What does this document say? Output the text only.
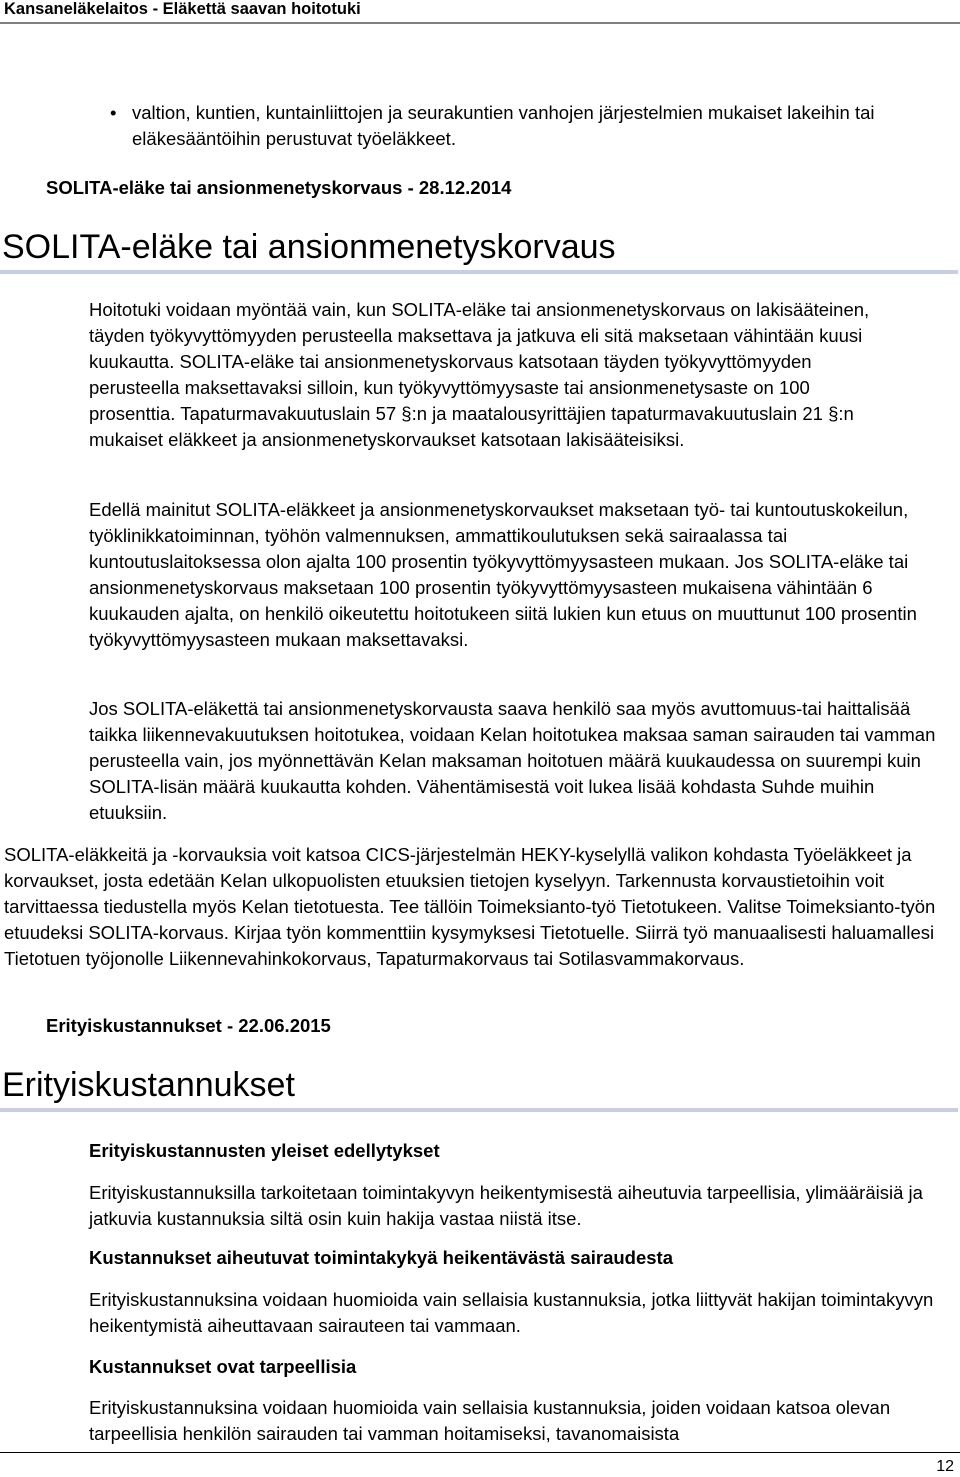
Kansaneläkelaitos - Eläkettä saavan hoitotuki
• valtion, kuntien, kuntainliittojen ja seurakuntien vanhojen järjestelmien mukaiset lakeihin tai eläkesääntöihin perustuvat työeläkkeet.
SOLITA-eläke tai ansionmenetyskorvaus - 28.12.2014
SOLITA-eläke tai ansionmenetyskorvaus
Hoitotuki voidaan myöntää vain, kun SOLITA-eläke tai ansionmenetyskorvaus on lakisääteinen, täyden työkyvyttömyyden perusteella maksettava ja jatkuva eli sitä maksetaan vähintään kuusi kuukautta. SOLITA-eläke tai ansionmenetyskorvaus katsotaan täyden työkyvyttömyyden perusteella maksettavaksi silloin, kun työkyvyttömyysaste tai ansionmenetysaste on 100 prosenttia. Tapaturmavakuutuslain 57 §:n ja maatalousyrittäjien tapaturmavakuutuslain 21 §:n mukaiset eläkkeet ja ansionmenetyskorvaukset katsotaan lakisääteisiksi.
Edellä mainitut SOLITA-eläkkeet ja ansionmenetyskorvaukset maksetaan työ- tai kuntoutuskokeilun, työklinikkatoiminnan, työhön valmennuksen, ammattikoulutuksen sekä sairaalassa tai kuntoutuslaitoksessa olon ajalta 100 prosentin työkyvyttömyysasteen mukaan. Jos SOLITA-eläke tai ansionmenetyskorvaus maksetaan 100 prosentin työkyvyttömyysasteen mukaisena vähintään 6 kuukauden ajalta, on henkilö oikeutettu hoitotukeen siitä lukien kun etuus on muuttunut 100 prosentin työkyvyttömyysasteen mukaan maksettavaksi.
Jos SOLITA-eläkettä tai ansionmenetyskorvausta saava henkilö saa myös avuttomuus-tai haittalisää taikka liikennevakuutuksen hoitotukea, voidaan Kelan hoitotukea maksaa saman sairauden tai vamman perusteella vain, jos myönnettävän Kelan maksaman hoitotuen määrä kuukaudessa on suurempi kuin SOLITA-lisän määrä kuukautta kohden. Vähentämisestä voit lukea lisää kohdasta Suhde muihin etuuksiin.
SOLITA-eläkkeitä ja -korvauksia voit katsoa CICS-järjestelmän HEKY-kyselyllä valikon kohdasta Työeläkkeet ja korvaukset, josta edetään Kelan ulkopuolisten etuuksien tietojen kyselyyn. Tarkennusta korvaustietoihin voit tarvittaessa tiedustella myös Kelan tietotuesta. Tee tällöin Toimeksianto-työ Tietotukeen. Valitse Toimeksianto-työn etuudeksi SOLITA-korvaus. Kirjaa työn kommenttiin kysymyksesi Tietotuelle. Siirrä työ manuaalisesti haluamallesi Tietotuen työjonolle Liikennevahinkokorvaus, Tapaturmakorvaus tai Sotilasvammakorvaus.
Erityiskustannukset - 22.06.2015
Erityiskustannukset
Erityiskustannusten yleiset edellytykset
Erityiskustannuksilla tarkoitetaan toimintakyvyn heikentymisestä aiheutuvia tarpeellisia, ylimääräisiä ja jatkuvia kustannuksia siltä osin kuin hakija vastaa niistä itse.
Kustannukset aiheutuvat toimintakykyä heikentävästä sairaudesta
Erityiskustannuksina voidaan huomioida vain sellaisia kustannuksia, jotka liittyvät hakijan toimintakyvyn heikentymistä aiheuttavaan sairauteen tai vammaan.
Kustannukset ovat tarpeellisia
Erityiskustannuksina voidaan huomioida vain sellaisia kustannuksia, joiden voidaan katsoa olevan tarpeellisia henkilön sairauden tai vamman hoitamiseksi, tavanomaisista
12
